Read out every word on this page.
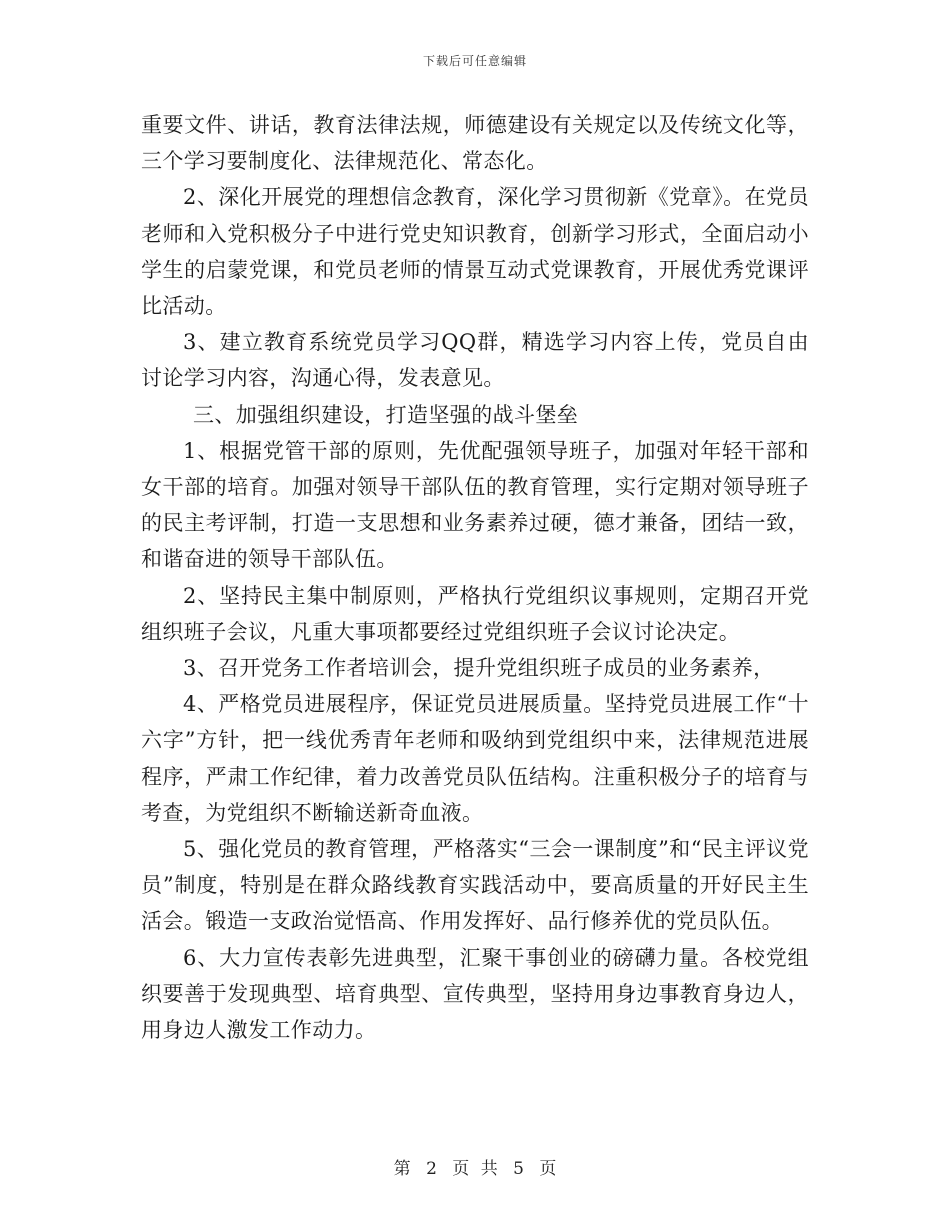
下载后可任意编辑

重要文件、讲话，教育法律法规，师德建设有关规定以及传统文化等，三个学习要制度化、法律规范化、常态化。

2、深化开展党的理想信念教育，深化学习贯彻新《党章》。在党员老师和入党积极分子中进行党史知识教育，创新学习形式，全面启动小学生的启蒙党课，和党员老师的情景互动式党课教育，开展优秀党课评比活动。

3、建立教育系统党员学习QQ群，精选学习内容上传，党员自由讨论学习内容，沟通心得，发表意见。

三、加强组织建设，打造坚强的战斗堡垒

1、根据党管干部的原则，先优配强领导班子，加强对年轻干部和女干部的培育。加强对领导干部队伍的教育管理，实行定期对领导班子的民主考评制，打造一支思想和业务素养过硬，德才兼备，团结一致，和谐奋进的领导干部队伍。

2、坚持民主集中制原则，严格执行党组织议事规则，定期召开党组织班子会议，凡重大事项都要经过党组织班子会议讨论决定。

3、召开党务工作者培训会，提升党组织班子成员的业务素养，

4、严格党员进展程序，保证党员进展质量。坚持党员进展工作“十六字”方针，把一线优秀青年老师和吸纳到党组织中来，法律规范进展程序，严肃工作纪律，着力改善党员队伍结构。注重积极分子的培育与考查，为党组织不断输送新奇血液。

5、强化党员的教育管理，严格落实“三会一课制度”和“民主评议党员”制度，特别是在群众路线教育实践活动中，要高质量的开好民主生活会。锻造一支政治觉悟高、作用发挥好、品行修养优的党员队伍。

6、大力宣传表彰先进典型，汇聚干事创业的磅礴力量。各校党组织要善于发现典型、培育典型、宣传典型，坚持用身边事教育身边人，用身边人激发工作动力。

第 2 页 共 5 页
